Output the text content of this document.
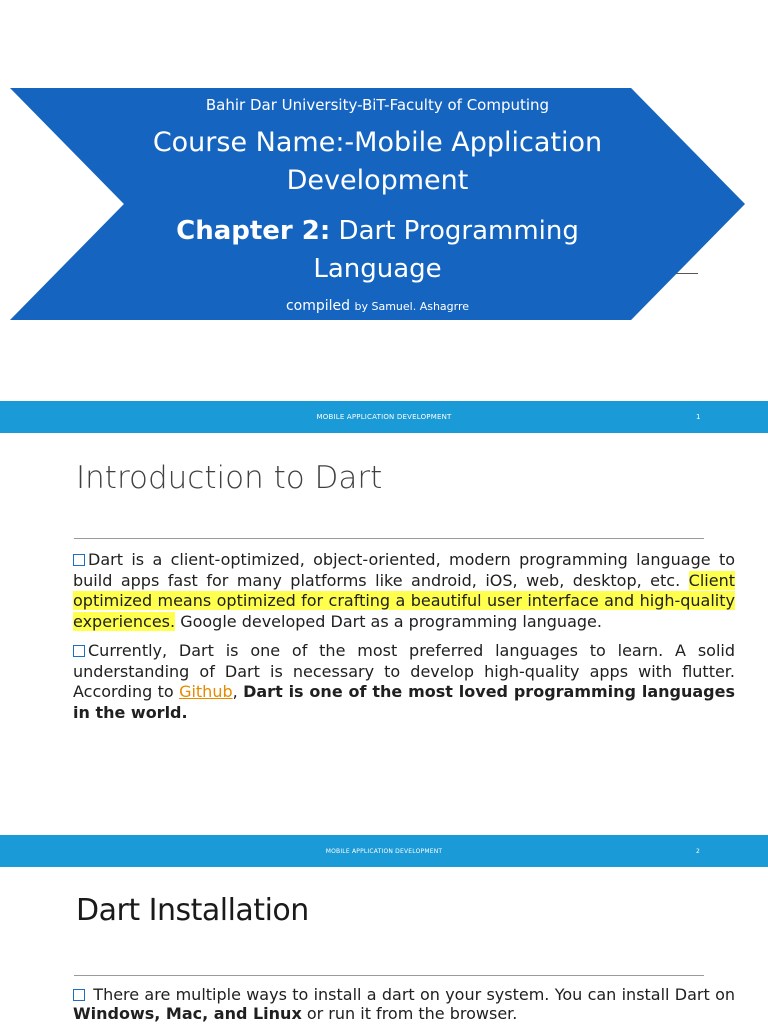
Bahir Dar University-BiT-Faculty of Computing
Course Name:-Mobile Application
Development
Chapter 2: Dart Programming
Language
compiled by Samuel. Ashagrre
MOBILE APPLICATION DEVELOPMENT	1
Introduction to Dart
Dart is a client-optimized, object-oriented, modern programming language to build apps fast for many platforms like android, iOS, web, desktop, etc. Client optimized means optimized for crafting a beautiful user interface and high-quality experiences. Google developed Dart as a programming language.
Currently, Dart is one of the most preferred languages to learn. A solid understanding of Dart is necessary to develop high-quality apps with flutter. According to Github, Dart is one of the most loved programming languages in the world.
MOBILE APPLICATION DEVELOPMENT	2
Dart Installation
There are multiple ways to install a dart on your system. You can install Dart on Windows, Mac, and Linux or run it from the browser.
